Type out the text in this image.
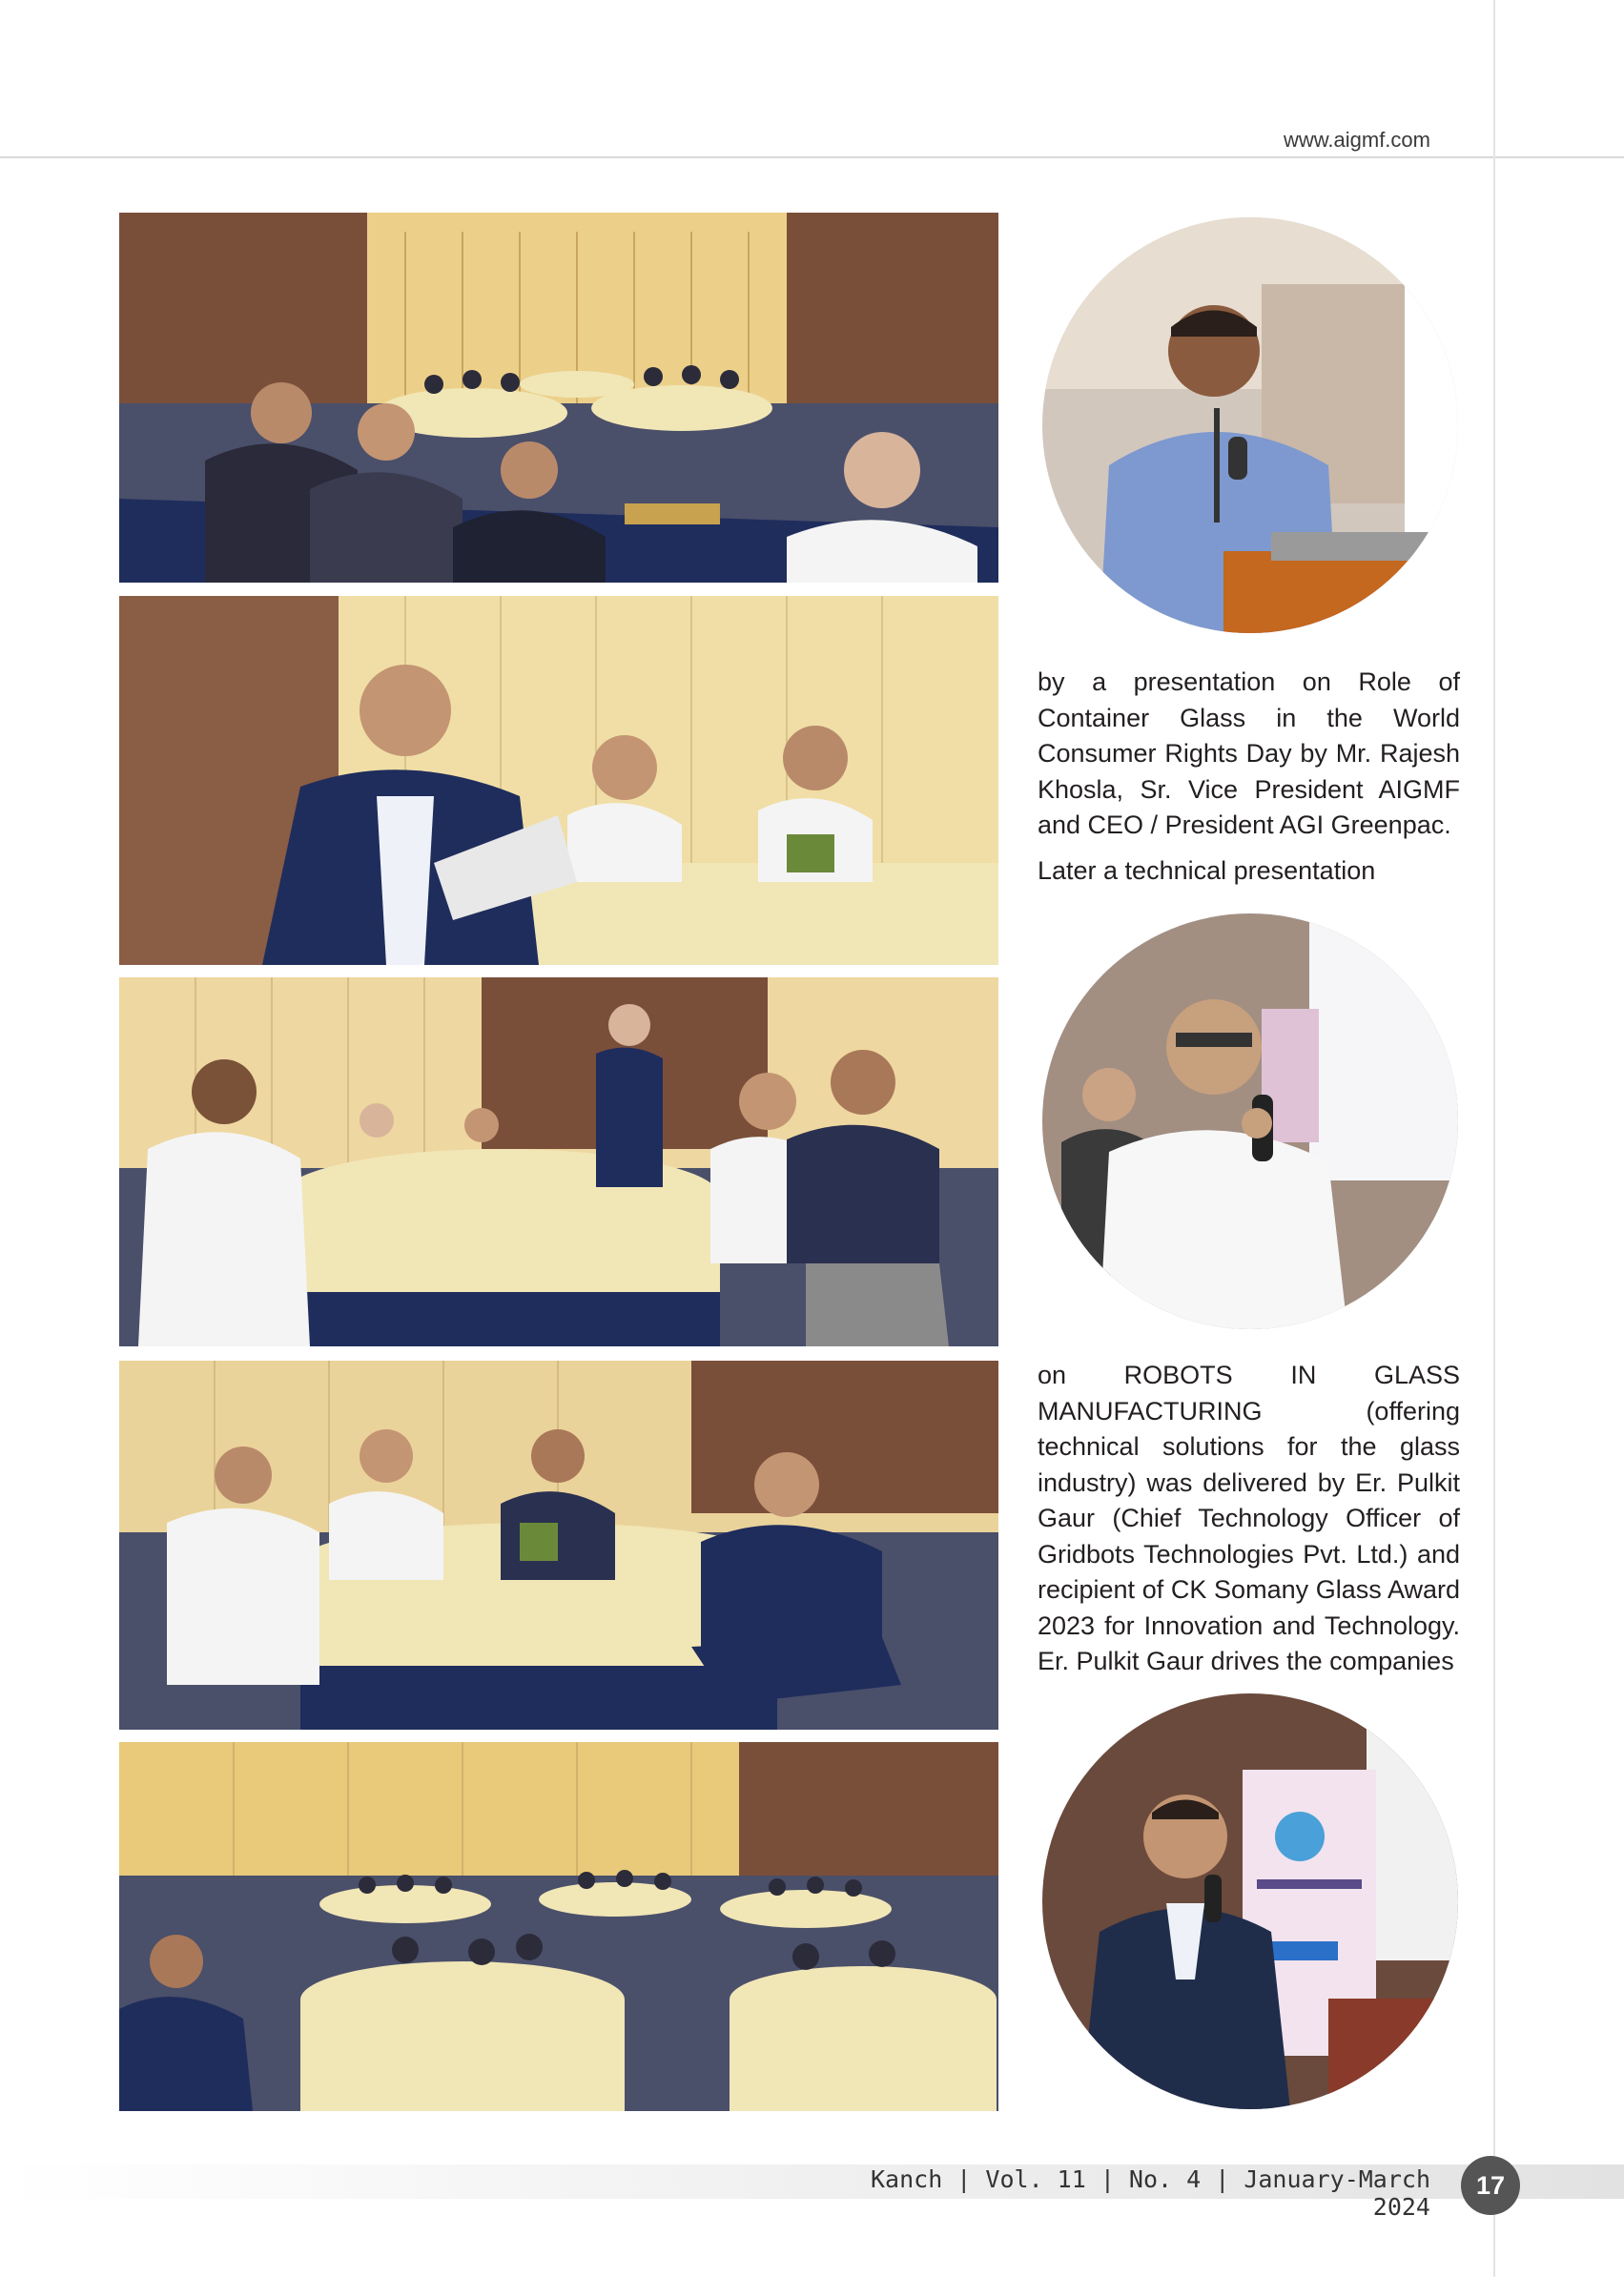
www.aigmf.com

by a presentation on Role of Container Glass in the World Consumer Rights Day by Mr. Rajesh Khosla, Sr. Vice President AIGMF and CEO / President AGI Greenpac.

Later a technical presentation

on ROBOTS IN GLASS MANUFACTURING (offering technical solutions for the glass industry) was delivered by Er. Pulkit Gaur (Chief Technology Officer of Gridbots Technologies Pvt. Ltd.) and recipient of CK Somany Glass Award 2023 for Innovation and Technology. Er. Pulkit Gaur drives the companies

Kanch | Vol. 11 | No. 4 | January-March 2024
17
